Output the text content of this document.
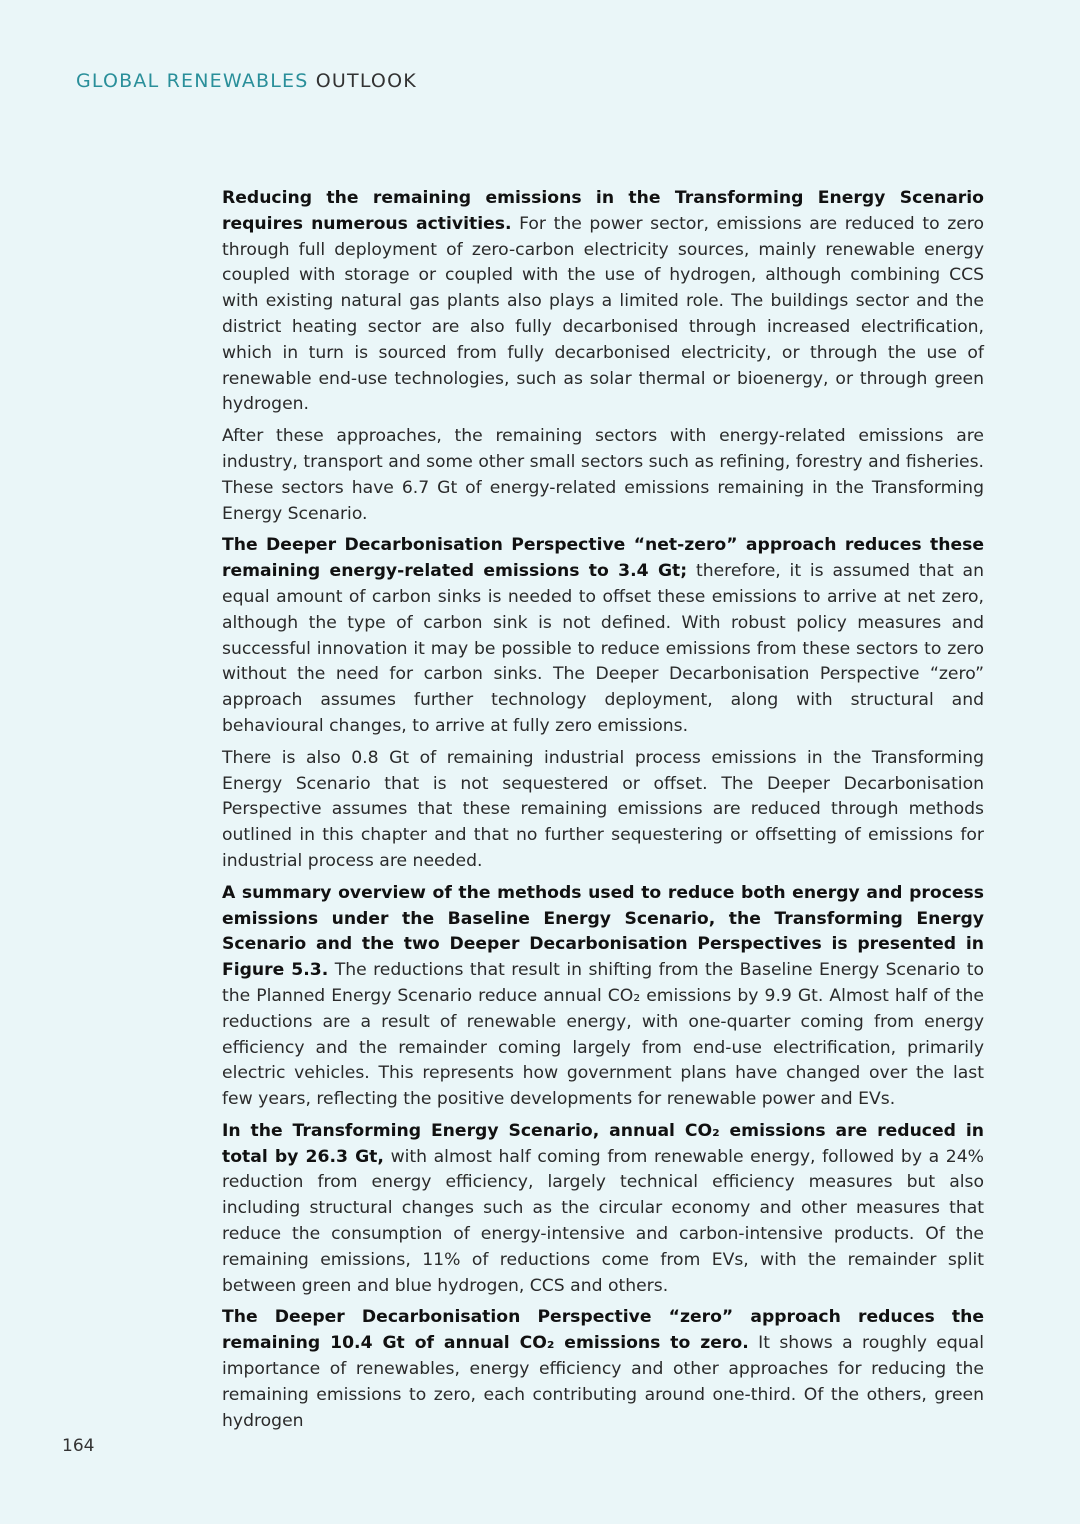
GLOBAL RENEWABLES OUTLOOK

Reducing the remaining emissions in the Transforming Energy Scenario requires numerous activities. For the power sector, emissions are reduced to zero through full deployment of zero-carbon electricity sources, mainly renewable energy coupled with storage or coupled with the use of hydrogen, although combining CCS with existing natural gas plants also plays a limited role. The buildings sector and the district heating sector are also fully decarbonised through increased electrification, which in turn is sourced from fully decarbonised electricity, or through the use of renewable end-use technologies, such as solar thermal or bioenergy, or through green hydrogen.

After these approaches, the remaining sectors with energy-related emissions are industry, transport and some other small sectors such as refining, forestry and fisheries. These sectors have 6.7 Gt of energy-related emissions remaining in the Transforming Energy Scenario.

The Deeper Decarbonisation Perspective “net-zero” approach reduces these remaining energy-related emissions to 3.4 Gt; therefore, it is assumed that an equal amount of carbon sinks is needed to offset these emissions to arrive at net zero, although the type of carbon sink is not defined. With robust policy measures and successful innovation it may be possible to reduce emissions from these sectors to zero without the need for carbon sinks. The Deeper Decarbonisation Perspective “zero” approach assumes further technology deployment, along with structural and behavioural changes, to arrive at fully zero emissions.

There is also 0.8 Gt of remaining industrial process emissions in the Transforming Energy Scenario that is not sequestered or offset. The Deeper Decarbonisation Perspective assumes that these remaining emissions are reduced through methods outlined in this chapter and that no further sequestering or offsetting of emissions for industrial process are needed.

A summary overview of the methods used to reduce both energy and process emissions under the Baseline Energy Scenario, the Transforming Energy Scenario and the two Deeper Decarbonisation Perspectives is presented in Figure 5.3. The reductions that result in shifting from the Baseline Energy Scenario to the Planned Energy Scenario reduce annual CO₂ emissions by 9.9 Gt. Almost half of the reductions are a result of renewable energy, with one-quarter coming from energy efficiency and the remainder coming largely from end-use electrification, primarily electric vehicles. This represents how government plans have changed over the last few years, reflecting the positive developments for renewable power and EVs.

In the Transforming Energy Scenario, annual CO₂ emissions are reduced in total by 26.3 Gt, with almost half coming from renewable energy, followed by a 24% reduction from energy efficiency, largely technical efficiency measures but also including structural changes such as the circular economy and other measures that reduce the consumption of energy-intensive and carbon-intensive products. Of the remaining emissions, 11% of reductions come from EVs, with the remainder split between green and blue hydrogen, CCS and others.

The Deeper Decarbonisation Perspective “zero” approach reduces the remaining 10.4 Gt of annual CO₂ emissions to zero. It shows a roughly equal importance of renewables, energy efficiency and other approaches for reducing the remaining emissions to zero, each contributing around one-third. Of the others, green hydrogen

164
